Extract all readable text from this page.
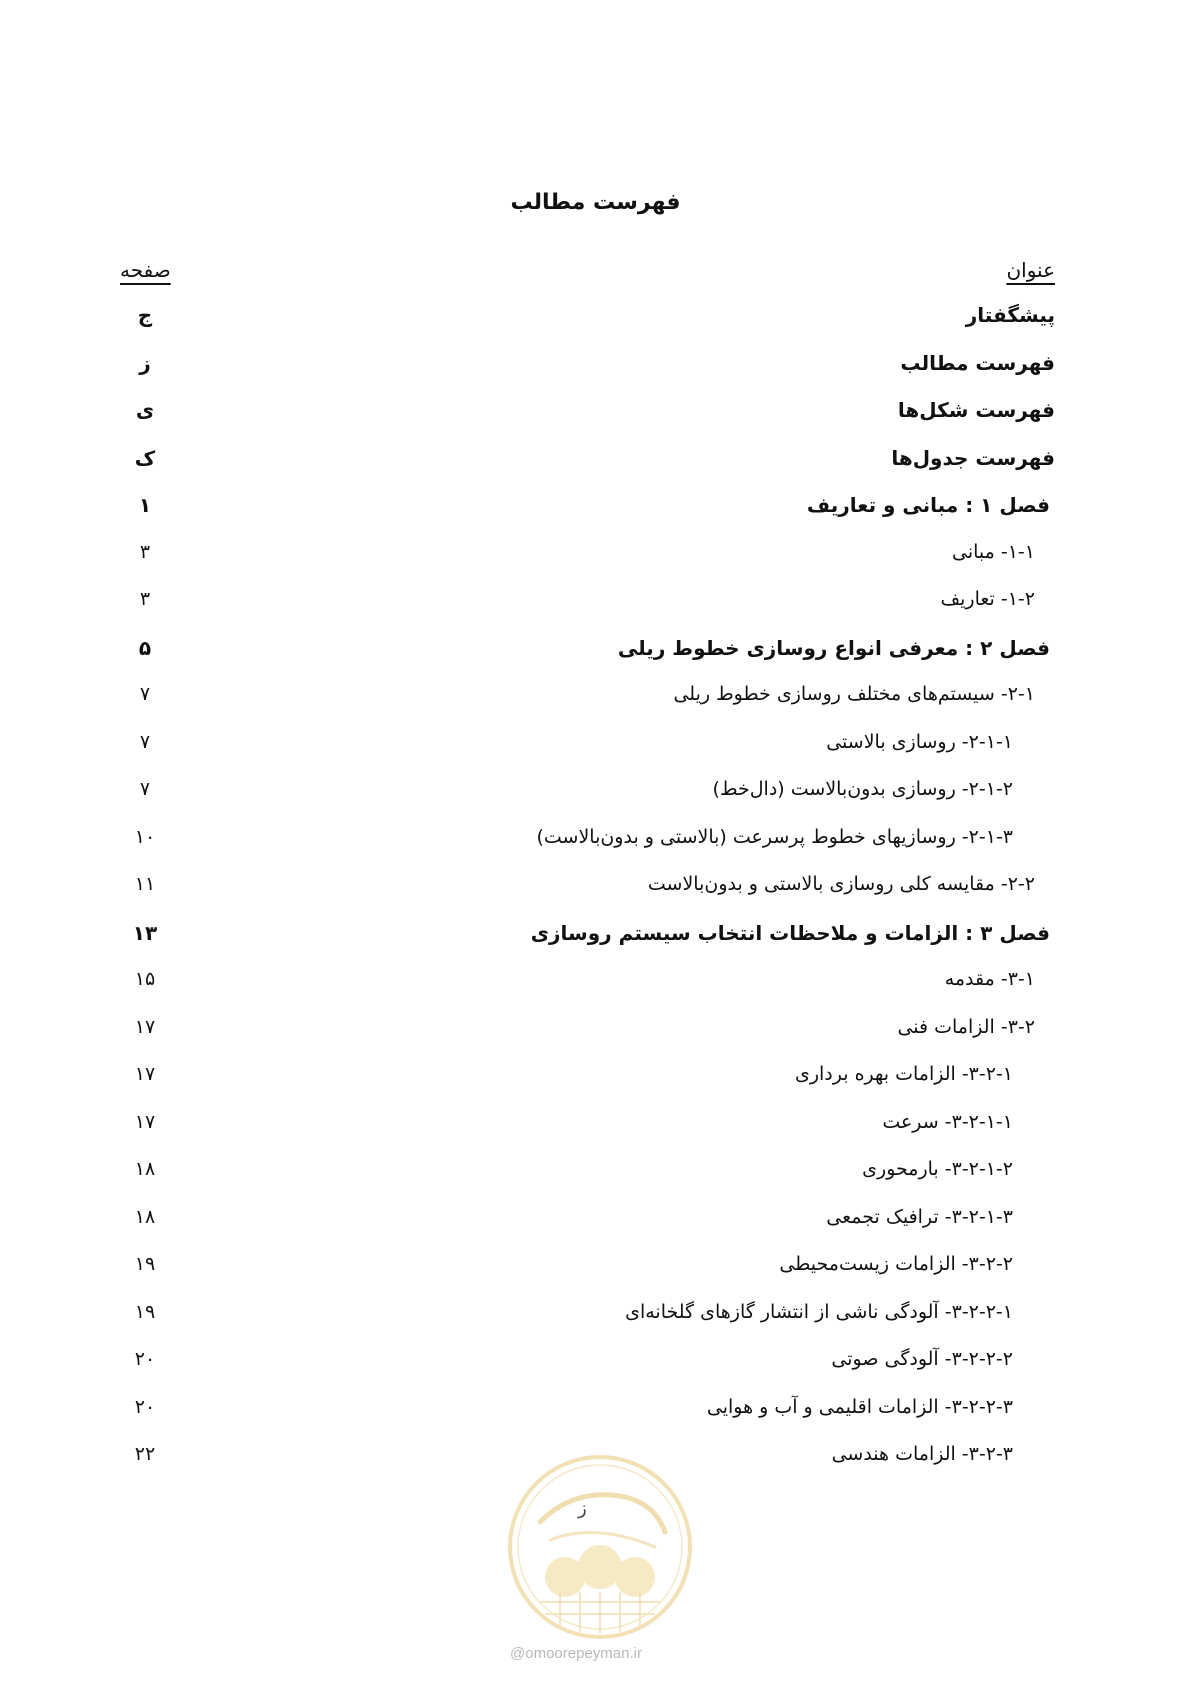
فهرست مطالب
عنوان
صفحه
پیشگفتار
ج
فهرست مطالب
ز
فهرست شکل‌ها
ی
فهرست جدول‌ها
ک
فصل ۱ : مبانی و تعاریف
۱
۱-۱- مبانی
۳
۱-۲- تعاریف
۳
فصل ۲ : معرفی انواع روسازی خطوط ریلی
۵
۲-۱- سیستم‌های مختلف روسازی خطوط ریلی
۷
۲-۱-۱- روسازی بالاستی
۷
۲-۱-۲- روسازی بدون‌بالاست (دال‌خط)
۷
۲-۱-۳- روسازیهای خطوط پرسرعت (بالاستی و بدون‌بالاست)
۱۰
۲-۲- مقایسه کلی روسازی بالاستی و بدون‌بالاست
۱۱
فصل ۳ : الزامات و ملاحظات انتخاب سیستم روسازی
۱۳
۳-۱- مقدمه
۱۵
۳-۲- الزامات فنی
۱۷
۳-۲-۱- الزامات بهره برداری
۱۷
۳-۲-۱-۱- سرعت
۱۷
۳-۲-۱-۲- بارمحوری
۱۸
۳-۲-۱-۳- ترافیک تجمعی
۱۸
۳-۲-۲- الزامات زیست‌محیطی
۱۹
۳-۲-۲-۱- آلودگی ناشی از انتشار گازهای گلخانه‌ای
۱۹
۳-۲-۲-۲- آلودگی صوتی
۲۰
۳-۲-۲-۳- الزامات اقلیمی و آب و هوایی
۲۰
۳-۲-۳- الزامات هندسی
۲۲
ز
@omoorepeyman.ir
